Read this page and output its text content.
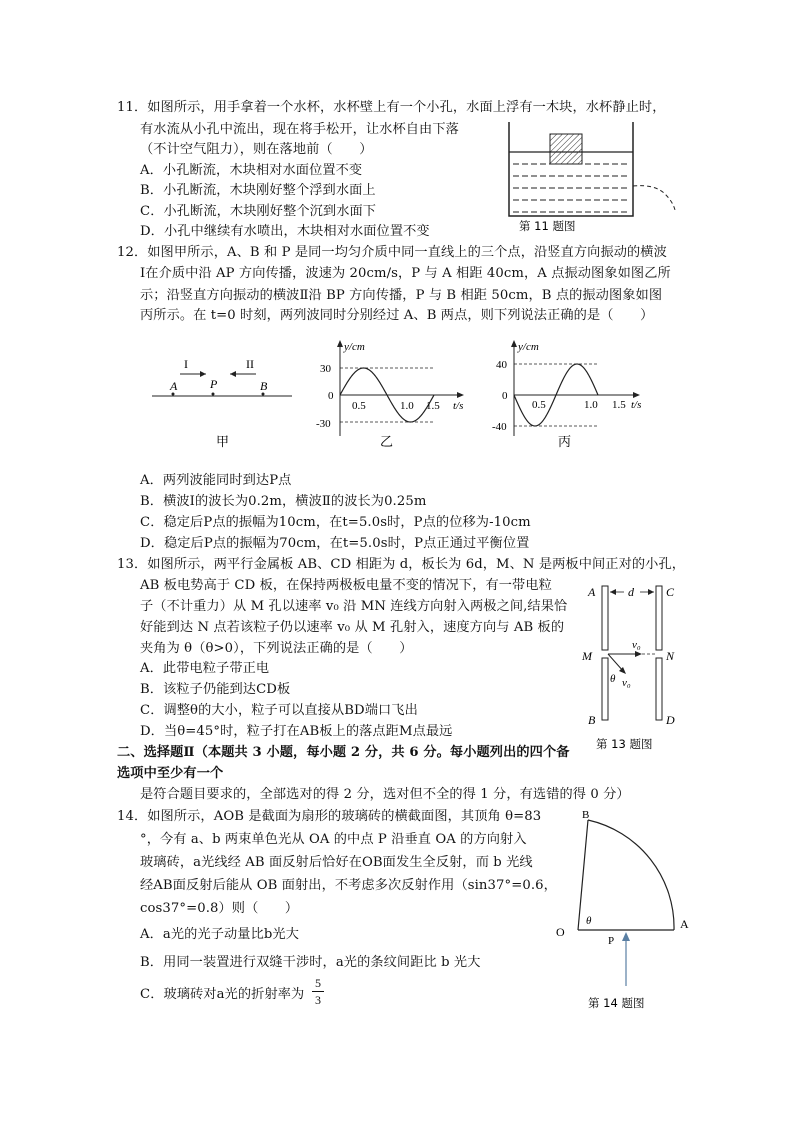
11．如图所示，用手拿着一个水杯，水杯壁上有一个小孔，水面上浮有一木块，水杯静止时，
有水流从小孔中流出，现在将手松开，让水杯自由下落
（不计空气阻力），则在落地前（　　）
A．小孔断流，木块相对水面位置不变
B．小孔断流，木块刚好整个浮到水面上
C．小孔断流，木块刚好整个沉到水面下
D．小孔中继续有水喷出，木块相对水面位置不变	第 11 题图
12．如图甲所示，A、B 和 P 是同一均匀介质中同一直线上的三个点，沿竖直方向振动的横波
Ⅰ在介质中沿 AP 方向传播，波速为 20cm/s，P 与 A 相距 40cm，A 点振动图象如图乙所
示；沿竖直方向振动的横波Ⅱ沿 BP 方向传播，P 与 B 相距 50cm，B 点的振动图象如图
丙所示。在 t=0 时刻，两列波同时分别经过 A、B 两点，则下列说法正确的是（　　）
I	II
A	P	B
甲
y/cm
30
0
-30
0.5	1.0 1.5 t/s
乙
y/cm
40
0
-40
0.5	1.0 1.5 t/s
丙
A．两列波能同时到达P点
B．横波Ⅰ的波长为0.2m，横波Ⅱ的波长为0.25m
C．稳定后P点的振幅为10cm，在t=5.0s时，P点的位移为-10cm
D．稳定后P点的振幅为70cm，在t=5.0s时，P点正通过平衡位置
13．如图所示，两平行金属板 AB、CD 相距为 d，板长为 6d，M、N 是两板中间正对的小孔，
AB 板电势高于 CD 板，在保持两极板电量不变的情况下，有一带电粒
子（不计重力）从 M 孔以速率 v₀ 沿 MN 连线方向射入两极之间,结果恰
好能到达 N 点若该粒子仍以速率 v₀ 从 M 孔射入，速度方向与 AB 板的
夹角为 θ（θ>0），下列说法正确的是（　　）
A．此带电粒子带正电
B．该粒子仍能到达CD板
C．调整θ的大小，粒子可以直接从BD端口飞出
D．当θ=45°时，粒子打在AB板上的落点距M点最远
A
B
C
D
d
M	N
v₀
θ v₀
第 13 题图
二、选择题Ⅱ（本题共 3 小题，每小题 2 分，共 6 分。每小题列出的四个备
选项中至少有一个
是符合题目要求的，全部选对的得 2 分，选对但不全的得 1 分，有选错的得 0 分）
14．如图所示，AOB 是截面为扇形的玻璃砖的横截面图，其顶角 θ=83
°，今有 a、b 两束单色光从 OA 的中点 P 沿垂直 OA 的方向射入
玻璃砖，a光线经 AB 面反射后恰好在OB面发生全反射，而 b 光线
经AB面反射后能从 OB 面射出，不考虑多次反射作用（sin37°=0.6，
cos37°=0.8）则（　　）
A．a光的光子动量比b光大
B．用同一装置进行双缝干涉时，a光的条纹间距比 b 光大
C．玻璃砖对a光的折射率为 $\frac{5}{3}$
B
O
A
θ
P
第 14 题图
